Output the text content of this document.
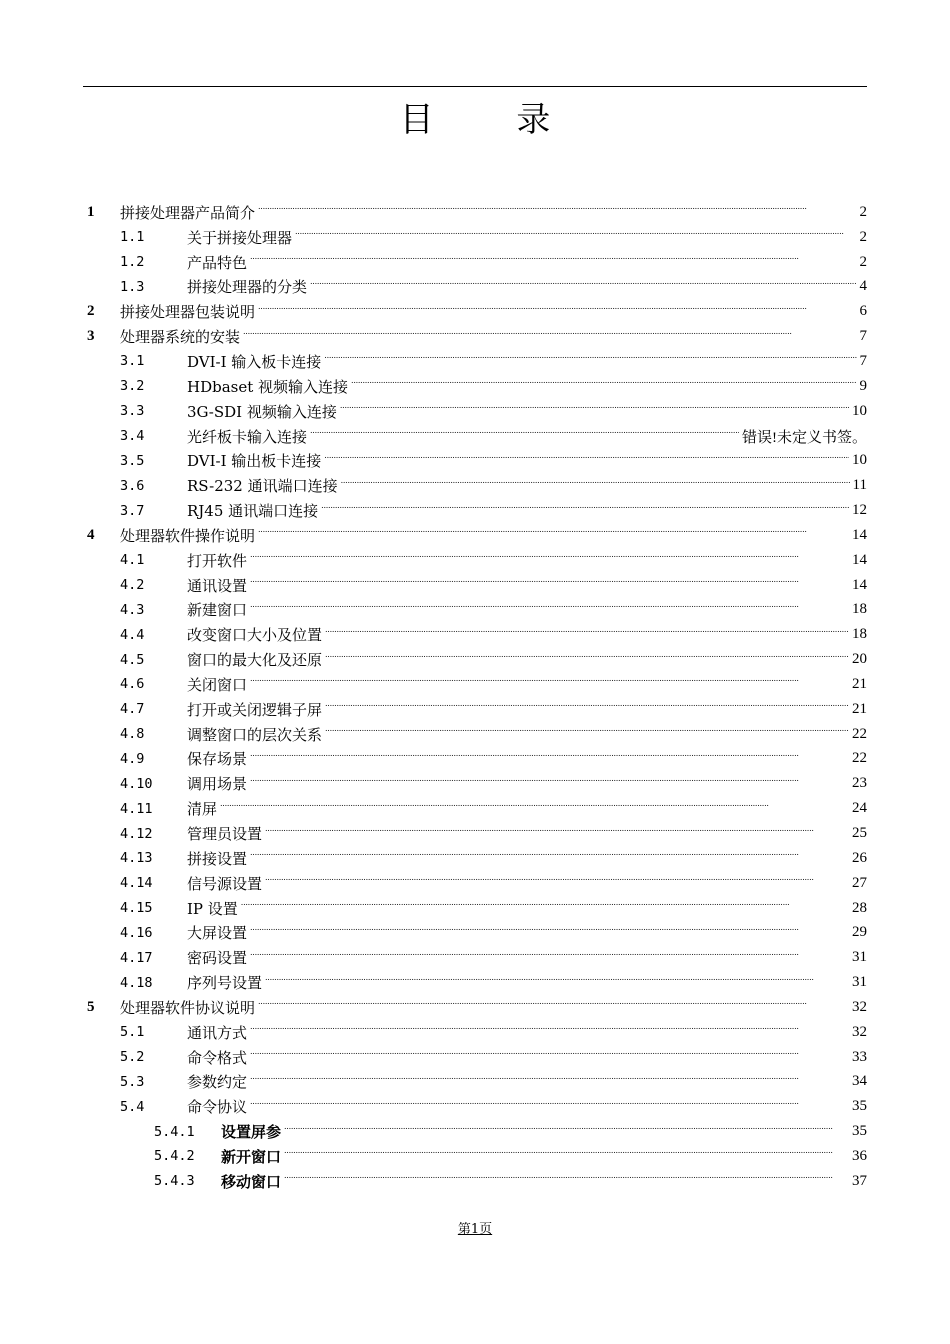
目 录
1	拼接处理器产品简介 . . .	2
1.1	关于拼接处理器 . . .	2
1.2	产品特色 . . .	2
1.3	拼接处理器的分类 . . .	4
2	拼接处理器包装说明 . . .	6
3	处理器系统的安装 . . .	7
3.1	DVI-I 输入板卡连接 . . .	7
3.2	HDbaset 视频输入连接 . . .	9
3.3	3G-SDI 视频输入连接 . . .	10
3.4	光纤板卡输入连接 . . .	错误!未定义书签。
3.5	DVI-I 输出板卡连接 . . .	10
3.6	RS-232 通讯端口连接 . . .	11
3.7	RJ45 通讯端口连接 . . .	12
4	处理器软件操作说明 . . .	14
4.1	打开软件 . . .	14
4.2	通讯设置 . . .	14
4.3	新建窗口 . . .	18
4.4	改变窗口大小及位置 . . .	18
4.5	窗口的最大化及还原 . . .	20
4.6	关闭窗口 . . .	21
4.7	打开或关闭逻辑子屏 . . .	21
4.8	调整窗口的层次关系 . . .	22
4.9	保存场景 . . .	22
4.10	调用场景 . . .	23
4.11	清屏 . . .	24
4.12	管理员设置 . . .	25
4.13	拼接设置 . . .	26
4.14	信号源设置 . . .	27
4.15	IP 设置 . . .	28
4.16	大屏设置 . . .	29
4.17	密码设置 . . .	31
4.18	序列号设置 . . .	31
5	处理器软件协议说明 . . .	32
5.1	通讯方式 . . .	32
5.2	命令格式 . . .	33
5.3	参数约定 . . .	34
5.4	命令协议 . . .	35
5.4.1	设置屏参 . . .	35
5.4.2	新开窗口 . . .	36
5.4.3	移动窗口 . . .	37
第1页
